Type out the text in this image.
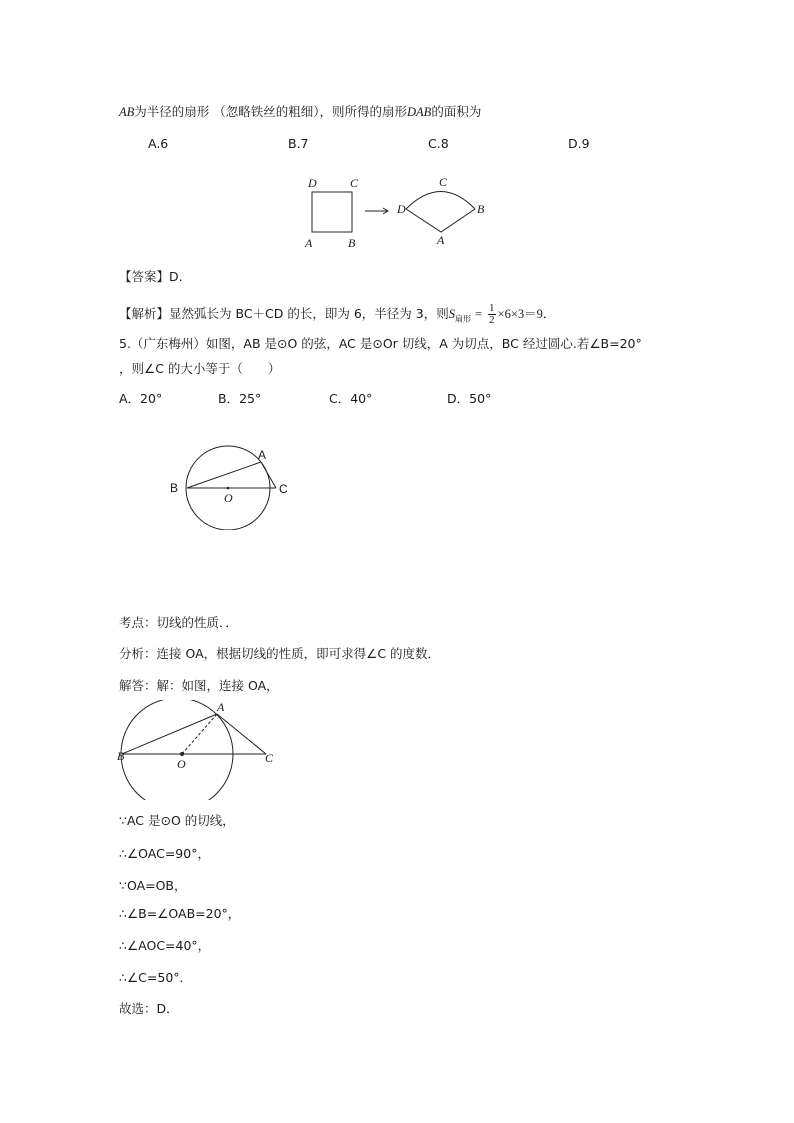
AB为半径的扇形 （忽略铁丝的粗细），则所得的扇形DAB的面积为
A.6	B.7	C.8	D.9
D	C
A	B
D
C
B
A
【答案】D.
【解析】显然弧长为 BC＋CD 的长，即为 6，半径为 3，则$S_{扇形} = \frac{1}{2} \times 6\times 3=9$．
5.（广东梅州）如图，AB 是⊙O 的弦，AC 是⊙Or 切线，A 为切点，BC 经过圆心.若∠B=20°
，则∠C 的大小等于（　　）
A．20°	B．25°	C．40°	D．50°
B
A
C
O
考点：切线的性质．．
分析：连接 OA，根据切线的性质，即可求得∠C 的度数．
解答：解：如图，连接 OA，
B
A
C
O
∵AC 是⊙O 的切线，
∴∠OAC=90°，
∵OA=OB，
∴∠B=∠OAB=20°，
∴∠AOC=40°，
∴∠C=50°．
故选：D．
